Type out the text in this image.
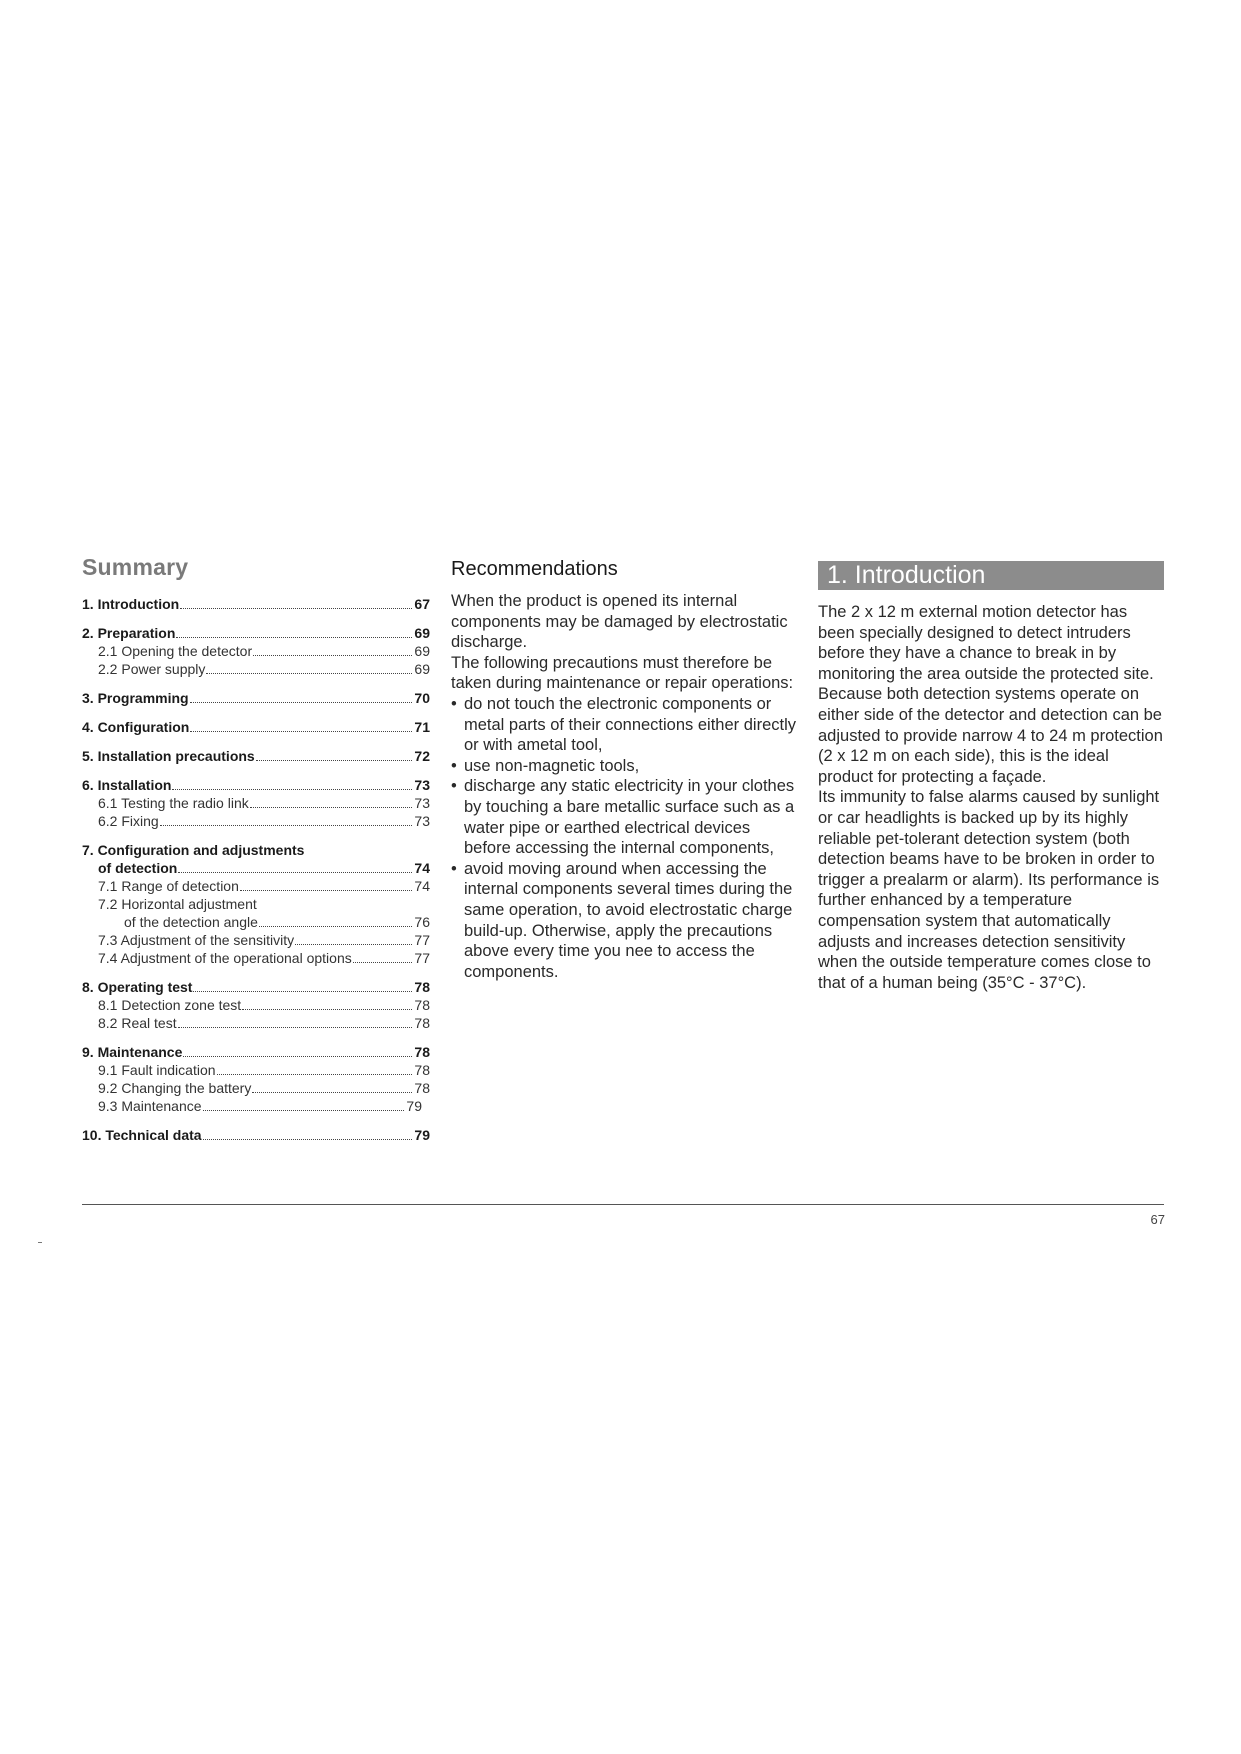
Summary
1. Introduction	67
2. Preparation	69
2.1 Opening the detector	69
2.2 Power supply	69
3. Programming	70
4. Configuration	71
5. Installation precautions	72
6. Installation	73
6.1 Testing the radio link	73
6.2 Fixing	73
7. Configuration and adjustments
of detection	74
7.1 Range of detection	74
7.2 Horizontal adjustment
of the detection angle	76
7.3 Adjustment of the sensitivity	77
7.4 Adjustment of the operational options	77
8. Operating test	78
8.1 Detection zone test	78
8.2 Real test	78
9. Maintenance	78
9.1 Fault indication	78
9.2 Changing the battery	78
9.3 Maintenance	79
10. Technical data	79
Recommendations

When the product is opened its internal components may be damaged by electrostatic discharge.

The following precautions must therefore be taken during maintenance or repair operations:

• do not touch the electronic components or metal parts of their connections either directly or with ametal tool,
• use non-magnetic tools,
• discharge any static electricity in your clothes by touching a bare metallic surface such as a water pipe or earthed electrical devices before accessing the internal components,
• avoid moving around when accessing the internal components several times during the same operation, to avoid electrostatic charge build-up. Otherwise, apply the precautions above every time you nee to access the components.
1. Introduction

The 2 x 12 m external motion detector has been specially designed to detect intruders before they have a chance to break in by monitoring the area outside the protected site.

Because both detection systems operate on either side of the detector and detection can be adjusted to provide narrow 4 to 24 m protection (2 x 12 m on each side), this is the ideal product for protecting a façade.

Its immunity to false alarms caused by sunlight or car headlights is backed up by its highly reliable pet-tolerant detection system (both detection beams have to be broken in order to trigger a prealarm or alarm). Its performance is further enhanced by a temperature compensation system that automatically adjusts and increases detection sensitivity when the outside temperature comes close to that of a human being (35°C - 37°C).

67
